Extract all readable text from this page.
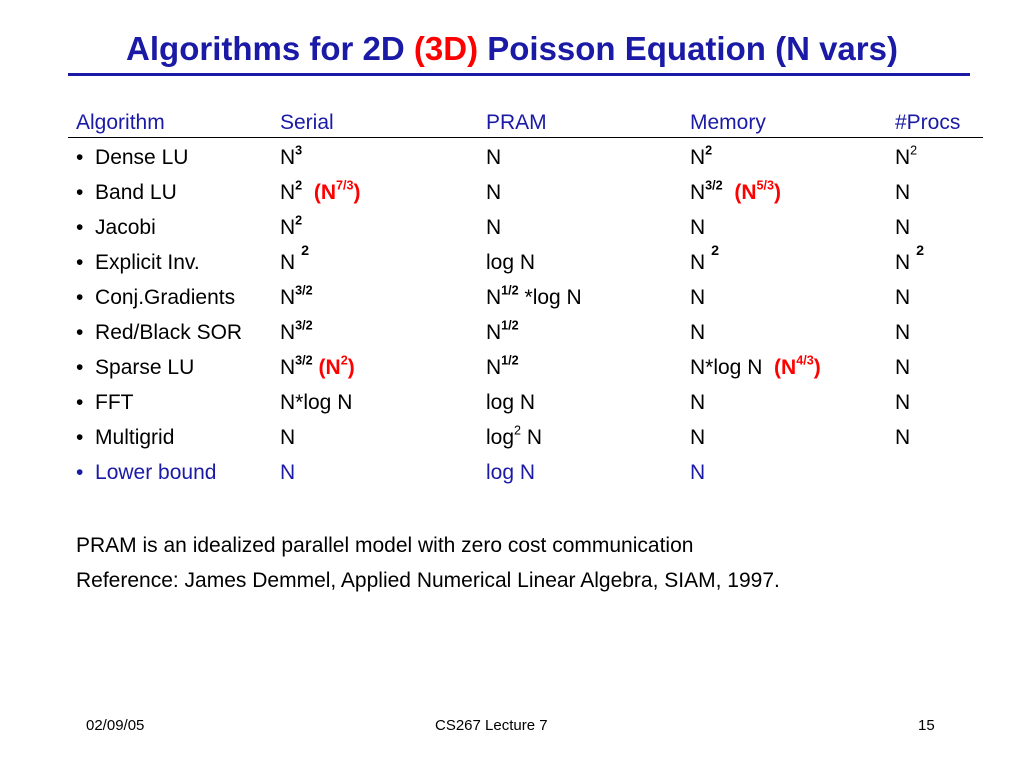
Algorithms for 2D (3D) Poisson Equation (N vars)
Algorithm	Serial	PRAM	Memory	#Procs
• Dense LU	$N^3$	N	$N^2$	$N^2$
• Band LU	$N^2$ $(N^{7/3})$	N	$N^{3/2}$ $(N^{5/3})$	N
• Jacobi	$N^2$	N	N	N
• Explicit Inv.	N $^2$	log N	N $^2$	N $^2$
• Conj.Gradients $N^{3/2}$	$N^{1/2}$ *log N	N	N
• Red/Black SOR $N^{3/2}$	$N^{1/2}$	N	N
• Sparse LU	$N^{3/2}$ $(N^2)$	$N^{1/2}$	N*log N $(N^{4/3})$	N
• FFT	N*log N	log N	N	N
• Multigrid	N	$\log^2 N$	N	N
• Lower bound	N	log N	N
PRAM is an idealized parallel model with zero cost communication
Reference: James Demmel, Applied Numerical Linear Algebra, SIAM, 1997.
02/09/05	CS267 Lecture 7	15
